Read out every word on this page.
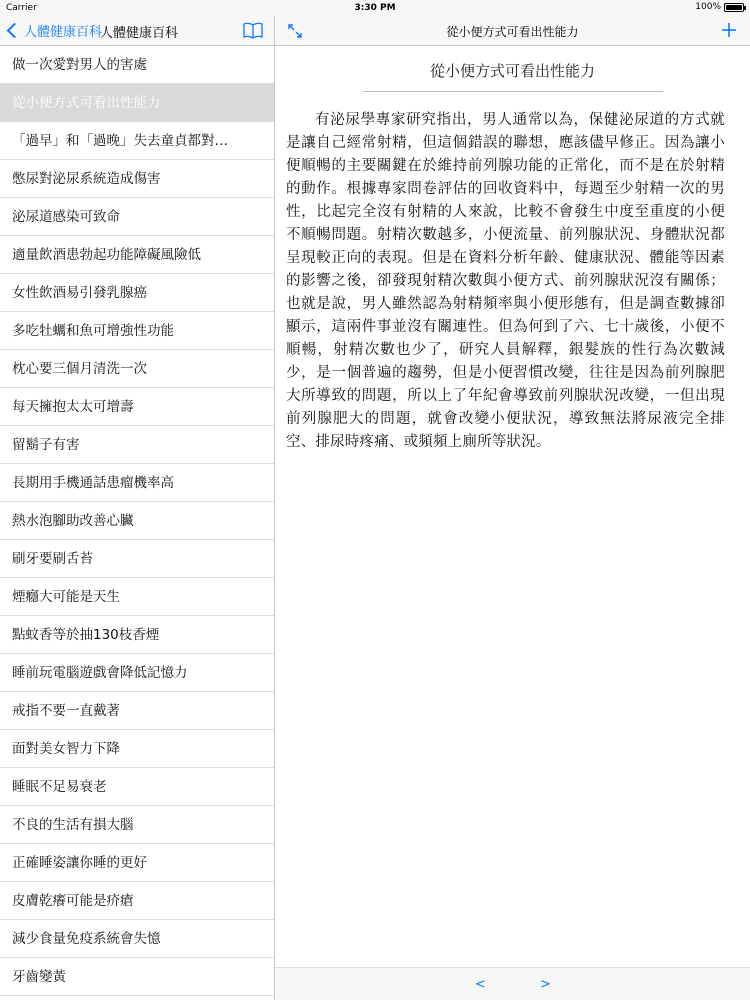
Carrier	3:30 PM	100%
人體健康百科
人體健康百科
做一次愛對男人的害處
從小便方式可看出性能力
「過早」和「過晚」失去童貞都對…
憋尿對泌尿系統造成傷害
泌尿道感染可致命
適量飲酒患勃起功能障礙風險低
女性飲酒易引發乳腺癌
多吃牡蠣和魚可增強性功能
枕心要三個月清洗一次
每天擁抱太太可增壽
留鬍子有害
長期用手機通話患瘤機率高
熱水泡腳助改善心臟
刷牙要刷舌苔
煙癮大可能是天生
點蚊香等於抽130枝香煙
睡前玩電腦遊戲會降低記憶力
戒指不要一直戴著
面對美女智力下降
睡眠不足易衰老
不良的生活有損大腦
正確睡姿讓你睡的更好
皮膚乾癢可能是疥瘡
減少食量免疫系統會失憶
牙齒變黃
從小便方式可看出性能力
從小便方式可看出性能力
有泌尿學專家研究指出，男人通常以為，保健泌尿道的方式就是讓自己經常射精，但這個錯誤的聯想，應該儘早修正。因為讓小便順暢的主要關鍵在於維持前列腺功能的正常化，而不是在於射精的動作。根據專家問卷評估的回收資料中，每週至少射精一次的男性，比起完全沒有射精的人來說，比較不會發生中度至重度的小便不順暢問題。射精次數越多，小便流量、前列腺狀況、身體狀況都呈現較正向的表現。但是在資料分析年齡、健康狀況、體能等因素的影響之後，卻發現射精次數與小便方式、前列腺狀況沒有關係；也就是說，男人雖然認為射精頻率與小便形態有，但是調查數據卻顯示，這兩件事並沒有關連性。但為何到了六、七十歲後，小便不順暢，射精次數也少了，研究人員解釋，銀髮族的性行為次數減少，是一個普遍的趨勢，但是小便習慣改變，往往是因為前列腺肥大所導致的問題，所以上了年紀會導致前列腺狀況改變，一但出現前列腺肥大的問題，就會改變小便狀況，導致無法將尿液完全排空、排尿時疼痛、或頻頻上廁所等狀況。
<	>
